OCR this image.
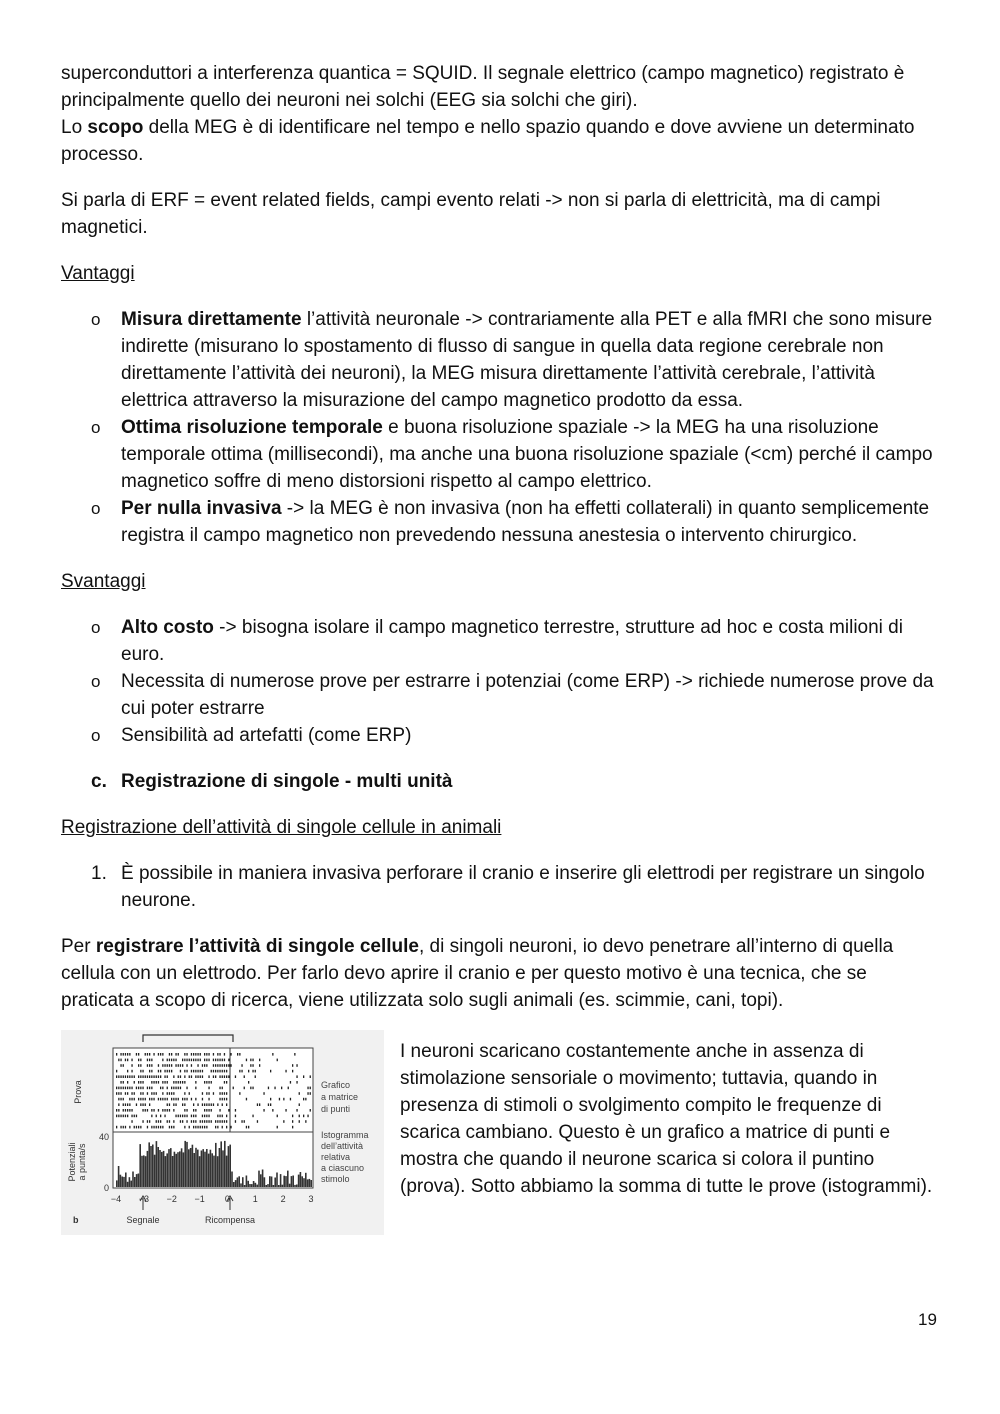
superconduttori a interferenza quantica = SQUID. Il segnale elettrico (campo magnetico) registrato è principalmente quello dei neuroni nei solchi (EEG sia solchi che giri).

Lo scopo della MEG è di identificare nel tempo e nello spazio quando e dove avviene un determinato processo.

Si parla di ERF = event related fields, campi evento relati -> non si parla di elettricità, ma di campi magnetici.

Vantaggi

o Misura direttamente l’attività neuronale -> contrariamente alla PET e alla fMRI che sono misure indirette (misurano lo spostamento di flusso di sangue in quella data regione cerebrale non direttamente l’attività dei neuroni), la MEG misura direttamente l’attività cerebrale, l’attività elettrica attraverso la misurazione del campo magnetico prodotto da essa.
o Ottima risoluzione temporale e buona risoluzione spaziale -> la MEG ha una risoluzione temporale ottima (millisecondi), ma anche una buona risoluzione spaziale (<cm) perché il campo magnetico soffre di meno distorsioni rispetto al campo elettrico.
o Per nulla invasiva -> la MEG è non invasiva (non ha effetti collaterali) in quanto semplicemente registra il campo magnetico non prevedendo nessuna anestesia o intervento chirurgico.

Svantaggi

o Alto costo -> bisogna isolare il campo magnetico terrestre, strutture ad hoc e costa milioni di euro.
o Necessita di numerose prove per estrarre i potenziai (come ERP) -> richiede numerose prove da cui poter estrarre
o Sensibilità ad artefatti (come ERP)
c. Registrazione di singole - multi unità

Registrazione dell’attività di singole cellule in animali

1. È possibile in maniera invasiva perforare il cranio e inserire gli elettrodi per registrare un singolo neurone.

Per registrare l’attività di singole cellule, di singoli neuroni, io devo penetrare all’interno di quella cellula con un elettrodo. Per farlo devo aprire il cranio e per questo motivo è una tecnica, che se praticata a scopo di ricerca, viene utilizzata solo sugli animali (es. scimmie, cani, topi).

Prova
Potenziali a punta/s
40
0
−4 −3 −2 −1 0	1	2	3
Grafico
a matrice
di punti
Istogramma
dell’attività
relativa
a ciascuno
stimolo
Segnale	Ricompensa
b

I neuroni scaricano costantemente anche in assenza di stimolazione sensoriale o movimento; tuttavia, quando in presenza di stimoli o svolgimento compito le frequenze di scarica cambiano. Questo è un grafico a matrice di punti e mostra che quando il neurone scarica si colora il puntino (prova). Sotto abbiamo la somma di tutte le prove (istogrammi).

19
